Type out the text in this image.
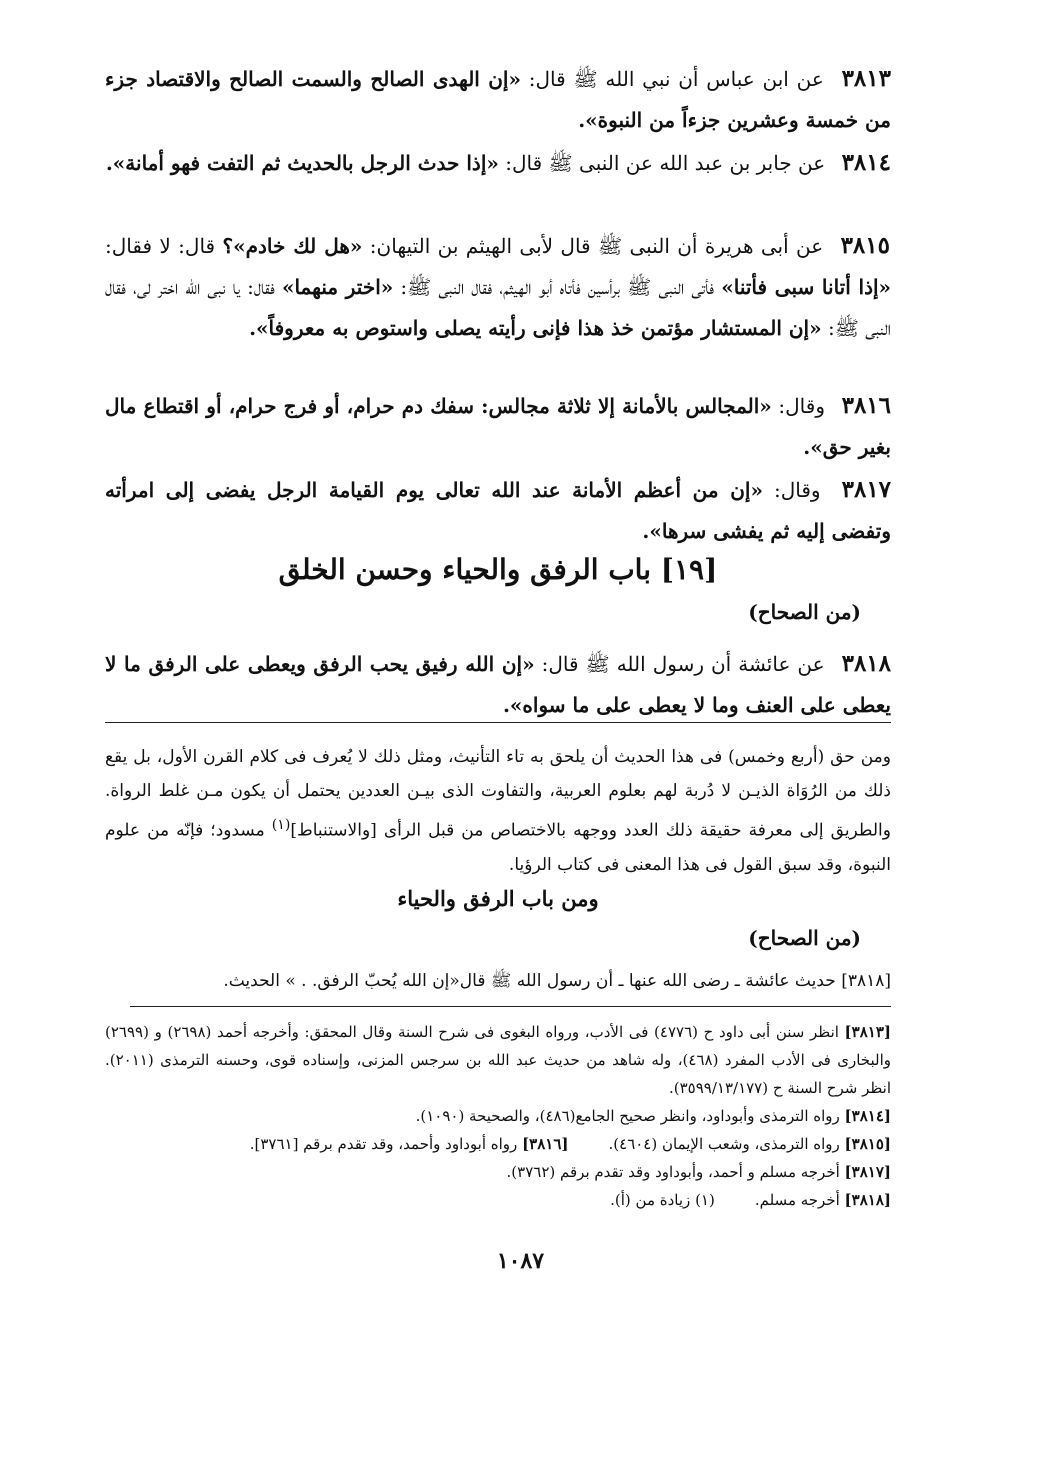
٣٨١٣ عن ابن عباس أن نبي الله ﷺ قال: «إن الهدى الصالح والسمت الصالح والاقتصاد جزء من خمسة وعشرين جزءاً من النبوة».
٣٨١٤ عن جابر بن عبد الله عن النبى ﷺ قال: «إذا حدث الرجل بالحديث ثم التفت فهو أمانة».
٣٨١٥ عن أبى هريرة أن النبى ﷺ قال لأبى الهيثم بن التيهان: «هل لك خادم»؟ قال: لا فقال: «إذا أتانا سبى فأتنا» فأتى النبى ﷺ برأسين فأتاه أبو الهيثم، فقال النبى ﷺ: «اختر منهما» فقال: يا نبى الله اختر لى، فقال النبى ﷺ: «إن المستشار مؤتمن خذ هذا فإنى رأيته يصلى واستوص به معروفاً».
٣٨١٦ وقال: «المجالس بالأمانة إلا ثلاثة مجالس: سفك دم حرام، أو فرج حرام، أو اقتطاع مال بغير حق».
٣٨١٧ وقال: «إن من أعظم الأمانة عند الله تعالى يوم القيامة الرجل يفضى إلى امرأته وتفضى إليه ثم يفشى سرها».
[١٩] باب الرفق والحياء وحسن الخلق
(من الصحاح)
٣٨١٨ عن عائشة أن رسول الله ﷺ قال: «إن الله رفيق يحب الرفق ويعطى على الرفق ما لا يعطى على العنف وما لا يعطى على ما سواه».
ومن حق (أربع وخمس) فى هذا الحديث أن يلحق به تاء التأنيث، ومثل ذلك لا يُعرف فى كلام القرن الأول، بل يقع ذلك من الرُوَاة الذيـن لا دُربة لهم بعلوم العربية، والتفاوت الذى بيـن العددين يحتمل أن يكون مـن غلط الرواة. والطريق إلى معرفة حقيقة ذلك العدد ووجهه بالاختصاص من قبل الرأى [والاستنباط]$^{(١)}$ مسدود؛ فإنّه من علوم النبوة، وقد سبق القول فى هذا المعنى فى كتاب الرؤيا.
ومن باب الرفق والحياء
(من الصحاح)
[٣٨١٨] حديث عائشة ـ رضى الله عنها ـ أن رسول الله ﷺ قال«إن الله يُحبّ الرفق. . » الحديث.
[٣٨١٣] انظر سنن أبى داود ح (٤٧٧٦) فى الأدب، ورواه البغوى فى شرح السنة وقال المحقق: وأخرجه أحمد (٢٦٩٨) و (٢٦٩٩) والبخارى فى الأدب المفرد (٤٦٨)، وله شاهد من حديث عبد الله بن سرجس المزنى، وإسناده قوى، وحسنه الترمذى (٢٠١١). انظر شرح السنة ح (٣٥٩٩/١٣/١٧٧).
[٣٨١٤] رواه الترمذى وأبوداود، وانظر صحيح الجامع(٤٨٦)، والصحيحة (١٠٩٠).
[٣٨١٥] رواه الترمذى، وشعب الإيمان (٤٦٠٤).[٣٨١٦] رواه أبوداود وأحمد، وقد تقدم برقم [٣٧٦١].
[٣٨١٧] أخرجه مسلم و أحمد، وأبوداود وقد تقدم برقم (٣٧٦٢).
[٣٨١٨] أخرجه مسلم.(١) زيادة من (أ).
١٠٨٧
